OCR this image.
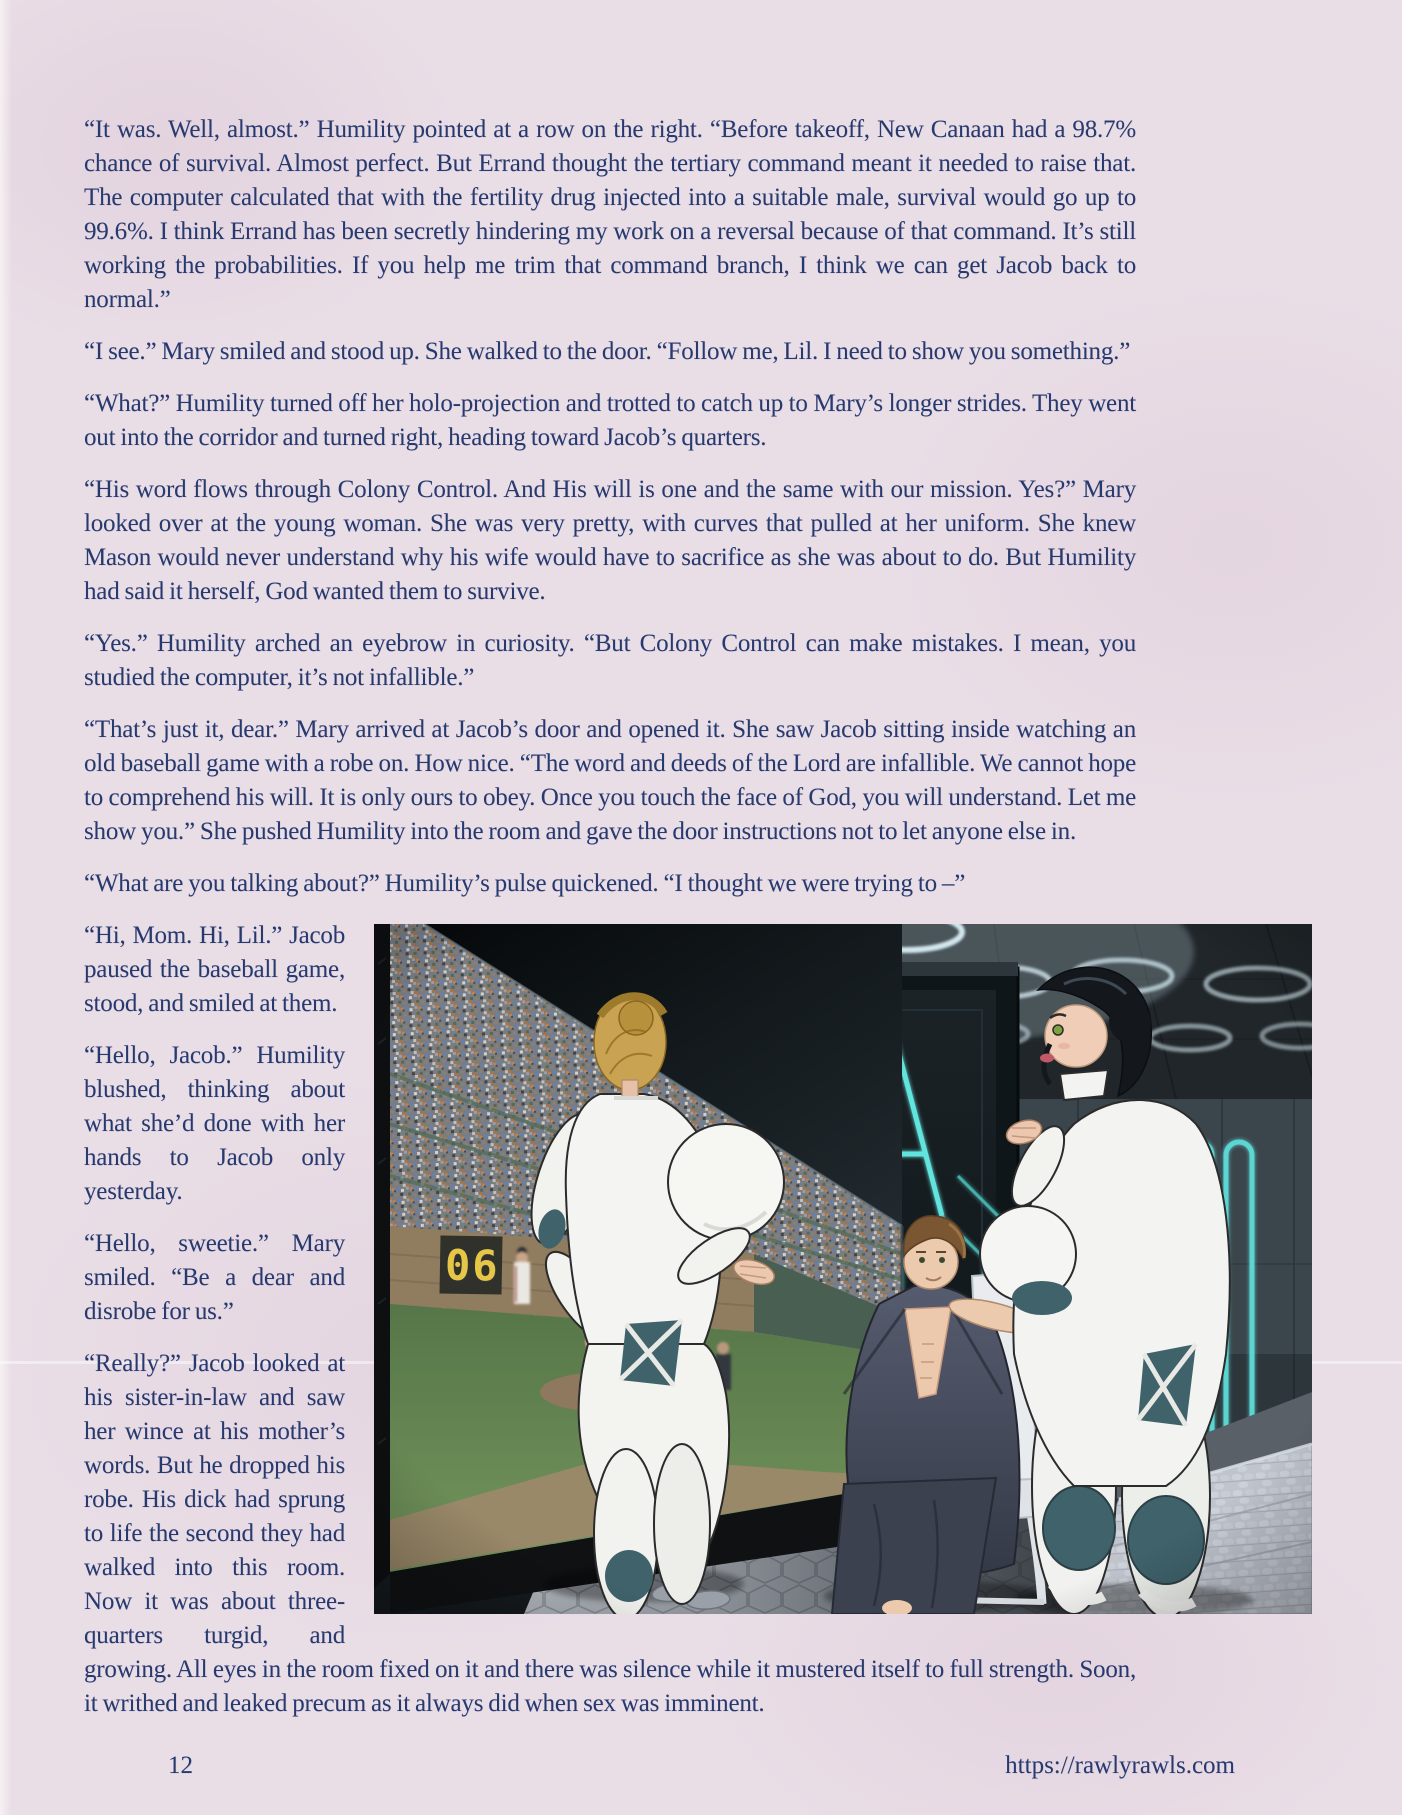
“It was. Well, almost.” Humility pointed at a row on the right. “Before takeoff, New Canaan had a 98.7% chance of survival. Almost perfect. But Errand thought the tertiary command meant it needed to raise that. The computer calculated that with the fertility drug injected into a suitable male, survival would go up to 99.6%. I think Errand has been secretly hindering my work on a reversal because of that command. It’s still working the probabilities. If you help me trim that command branch, I think we can get Jacob back to normal.”

“I see.” Mary smiled and stood up. She walked to the door. “Follow me, Lil. I need to show you something.”

“What?” Humility turned off her holo-projection and trotted to catch up to Mary’s longer strides. They went out into the corridor and turned right, heading toward Jacob’s quarters.

“His word flows through Colony Control. And His will is one and the same with our mission. Yes?” Mary looked over at the young woman. She was very pretty, with curves that pulled at her uniform. She knew Mason would never understand why his wife would have to sacrifice as she was about to do. But Humility had said it herself, God wanted them to survive.

“Yes.” Humility arched an eyebrow in curiosity. “But Colony Control can make mistakes. I mean, you studied the computer, it’s not infallible.”

“That’s just it, dear.” Mary arrived at Jacob’s door and opened it. She saw Jacob sitting inside watching an old baseball game with a robe on. How nice. “The word and deeds of the Lord are infallible. We cannot hope to comprehend his will. It is only ours to obey. Once you touch the face of God, you will understand. Let me show you.” She pushed Humility into the room and gave the door instructions not to let anyone else in.

“What are you talking about?” Humility’s pulse quickened. “I thought we were trying to –”

“Hi, Mom. Hi, Lil.” Jacob paused the baseball game, stood, and smiled at them.

“Hello, Jacob.” Humility blushed, thinking about what she’d done with her hands to Jacob only yesterday.

“Hello, sweetie.” Mary smiled. “Be a dear and disrobe for us.”

“Really?” Jacob looked at his sister-in-law and saw her wince at his mother’s words. But he dropped his robe. His dick had sprung to life the second they had walked into this room. Now it was about three-quarters turgid, and growing. All eyes in the room fixed on it and there was silence while it mustered itself to full strength. Soon, it writhed and leaked precum as it always did when sex was imminent.

12	https://rawlyrawls.com
